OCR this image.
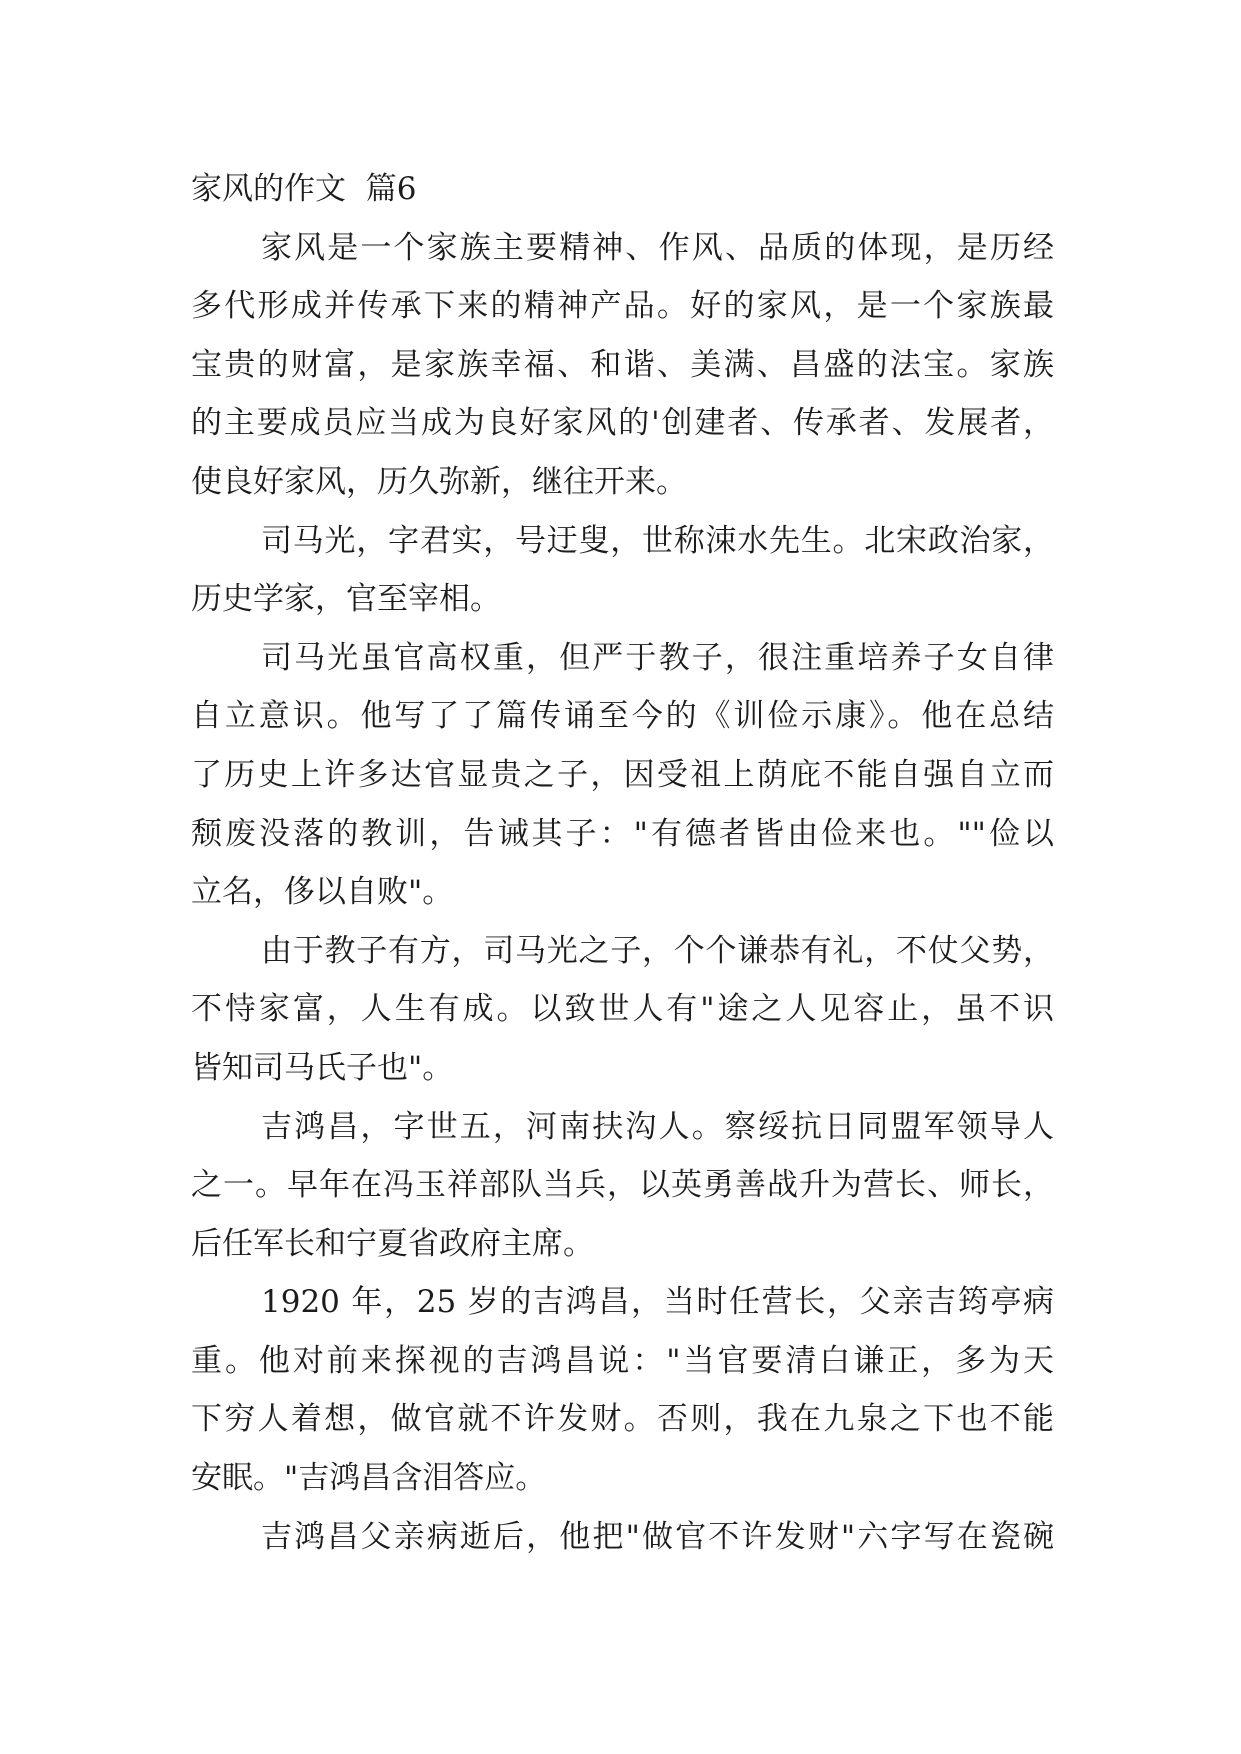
家风的作文  篇6
家风是一个家族主要精神、作风、品质的体现，是历经
多代形成并传承下来的精神产品。好的家风，是一个家族最
宝贵的财富，是家族幸福、和谐、美满、昌盛的法宝。家族
的主要成员应当成为良好家风的'创建者、传承者、发展者，
使良好家风，历久弥新，继往开来。
司马光，字君实，号迂叟，世称涑水先生。北宋政治家，
历史学家，官至宰相。
司马光虽官高权重，但严于教子，很注重培养子女自律
自立意识。他写了了篇传诵至今的《训俭示康》。他在总结
了历史上许多达官显贵之子，因受祖上荫庇不能自强自立而
颓废没落的教训，告诫其子："有德者皆由俭来也。""俭以
立名，侈以自败"。
由于教子有方，司马光之子，个个谦恭有礼，不仗父势，
不恃家富，人生有成。以致世人有"途之人见容止，虽不识
皆知司马氏子也"。
吉鸿昌，字世五，河南扶沟人。察绥抗日同盟军领导人
之一。早年在冯玉祥部队当兵，以英勇善战升为营长、师长，
后任军长和宁夏省政府主席。
1920 年，25 岁的吉鸿昌，当时任营长，父亲吉筠亭病
重。他对前来探视的吉鸿昌说："当官要清白谦正，多为天
下穷人着想，做官就不许发财。否则，我在九泉之下也不能
安眠。"吉鸿昌含泪答应。
吉鸿昌父亲病逝后，他把"做官不许发财"六字写在瓷碗
